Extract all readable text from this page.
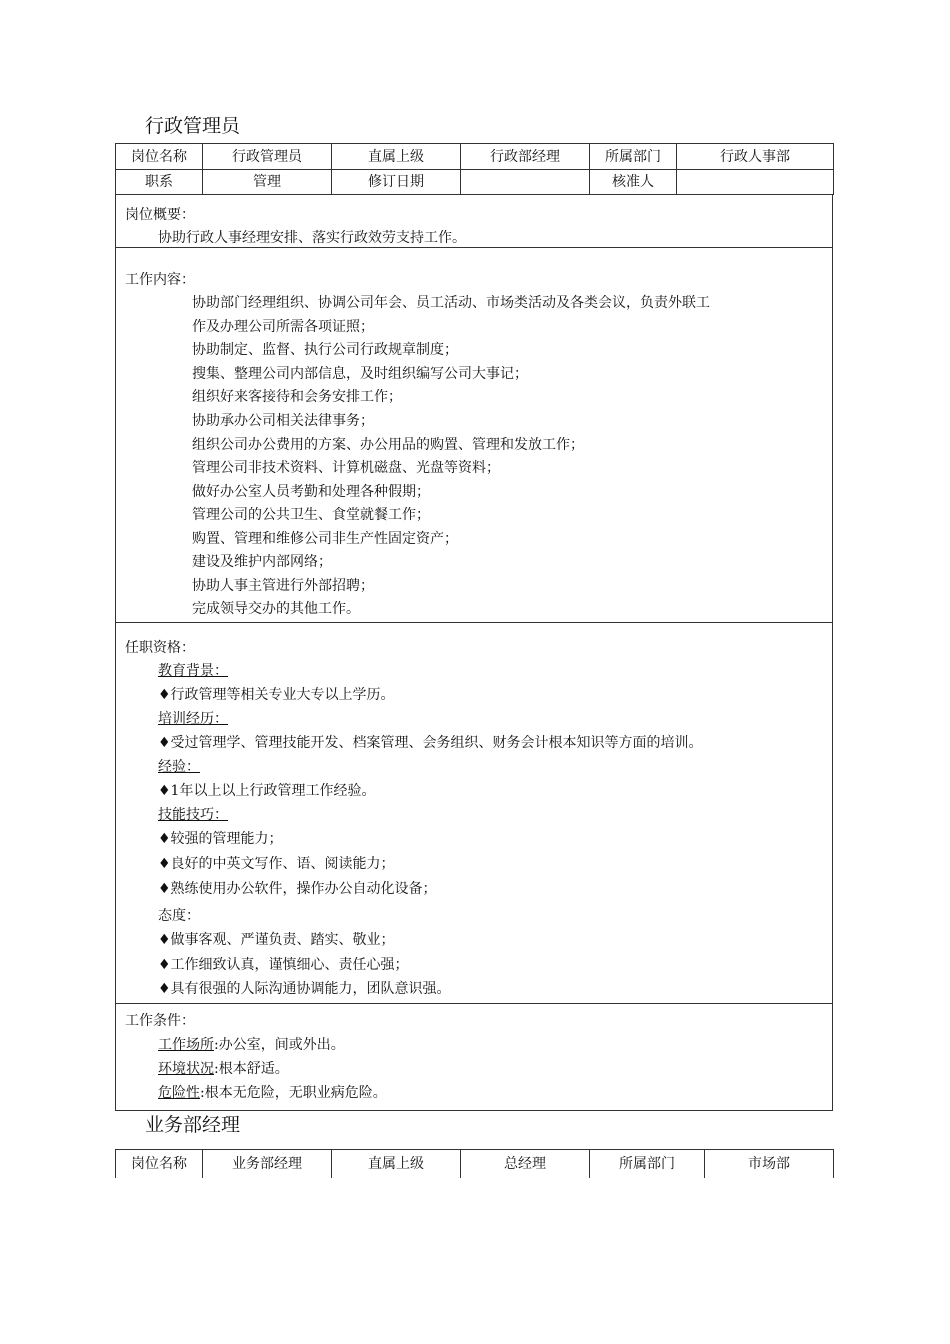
行政管理员
岗位名称	行政管理员	直属上级	行政部经理	所属部门	行政人事部
职系	管理	修订日期		核准人	
岗位概要：
协助行政人事经理安排、落实行政效劳支持工作。
工作内容：
协助部门经理组织、协调公司年会、员工活动、市场类活动及各类会议，负责外联工
作及办理公司所需各项证照；
协助制定、监督、执行公司行政规章制度；
搜集、整理公司内部信息，及时组织编写公司大事记；
组织好来客接待和会务安排工作；
协助承办公司相关法律事务；
组织公司办公费用的方案、办公用品的购置、管理和发放工作；
管理公司非技术资料、计算机磁盘、光盘等资料；
做好办公室人员考勤和处理各种假期；
管理公司的公共卫生、食堂就餐工作；
购置、管理和维修公司非生产性固定资产；
建设及维护内部网络；
协助人事主管进行外部招聘；
完成领导交办的其他工作。
任职资格：
教育背景：
♦行政管理等相关专业大专以上学历。
培训经历：
♦受过管理学、管理技能开发、档案管理、会务组织、财务会计根本知识等方面的培训。
经验：
♦1年以上以上行政管理工作经验。
技能技巧：
♦较强的管理能力；
♦良好的中英文写作、语、阅读能力；
♦熟练使用办公软件，操作办公自动化设备；
态度：
♦做事客观、严谨负责、踏实、敬业；
♦工作细致认真，谨慎细心、责任心强；
♦具有很强的人际沟通协调能力，团队意识强。
工作条件：
工作场所:办公室，间或外出。
环境状况:根本舒适。
危险性:根本无危险，无职业病危险。
业务部经理
岗位名称	业务部经理	直属上级	总经理	所属部门	市场部
